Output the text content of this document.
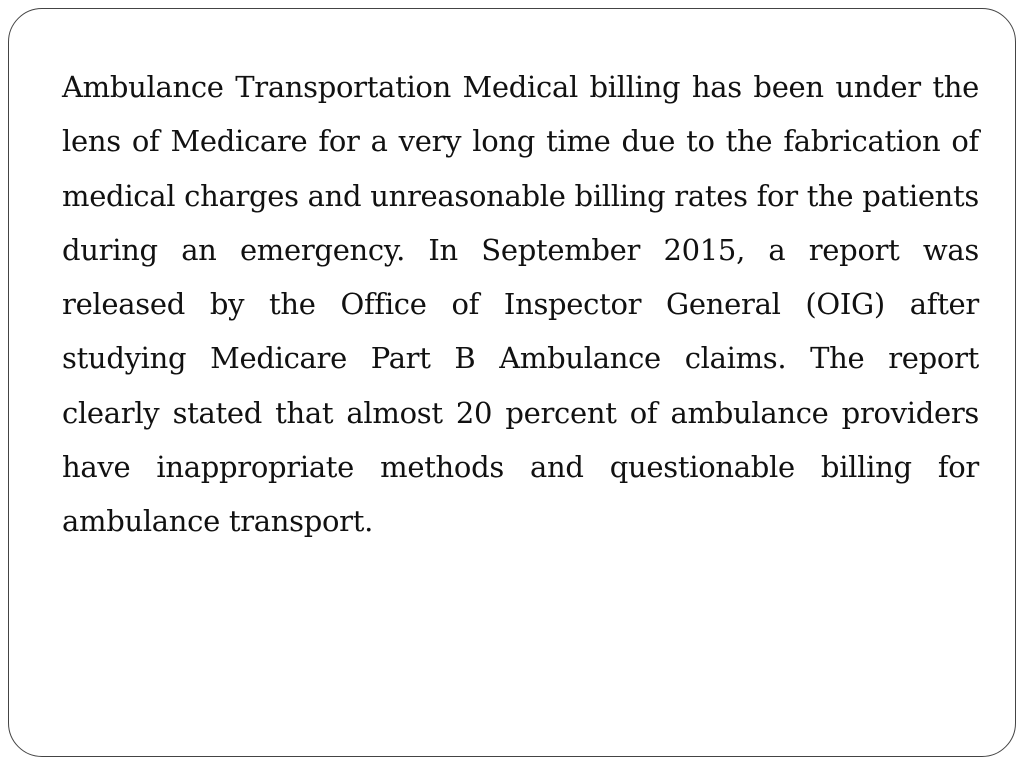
Ambulance Transportation Medical billing has been under the lens of Medicare for a very long time due to the fabrication of medical charges and unreasonable billing rates for the patients during an emergency. In September 2015, a report was released by the Office of Inspector General (OIG) after studying Medicare Part B Ambulance claims. The report clearly stated that almost 20 percent of ambulance providers have inappropriate methods and questionable billing for ambulance transport.
